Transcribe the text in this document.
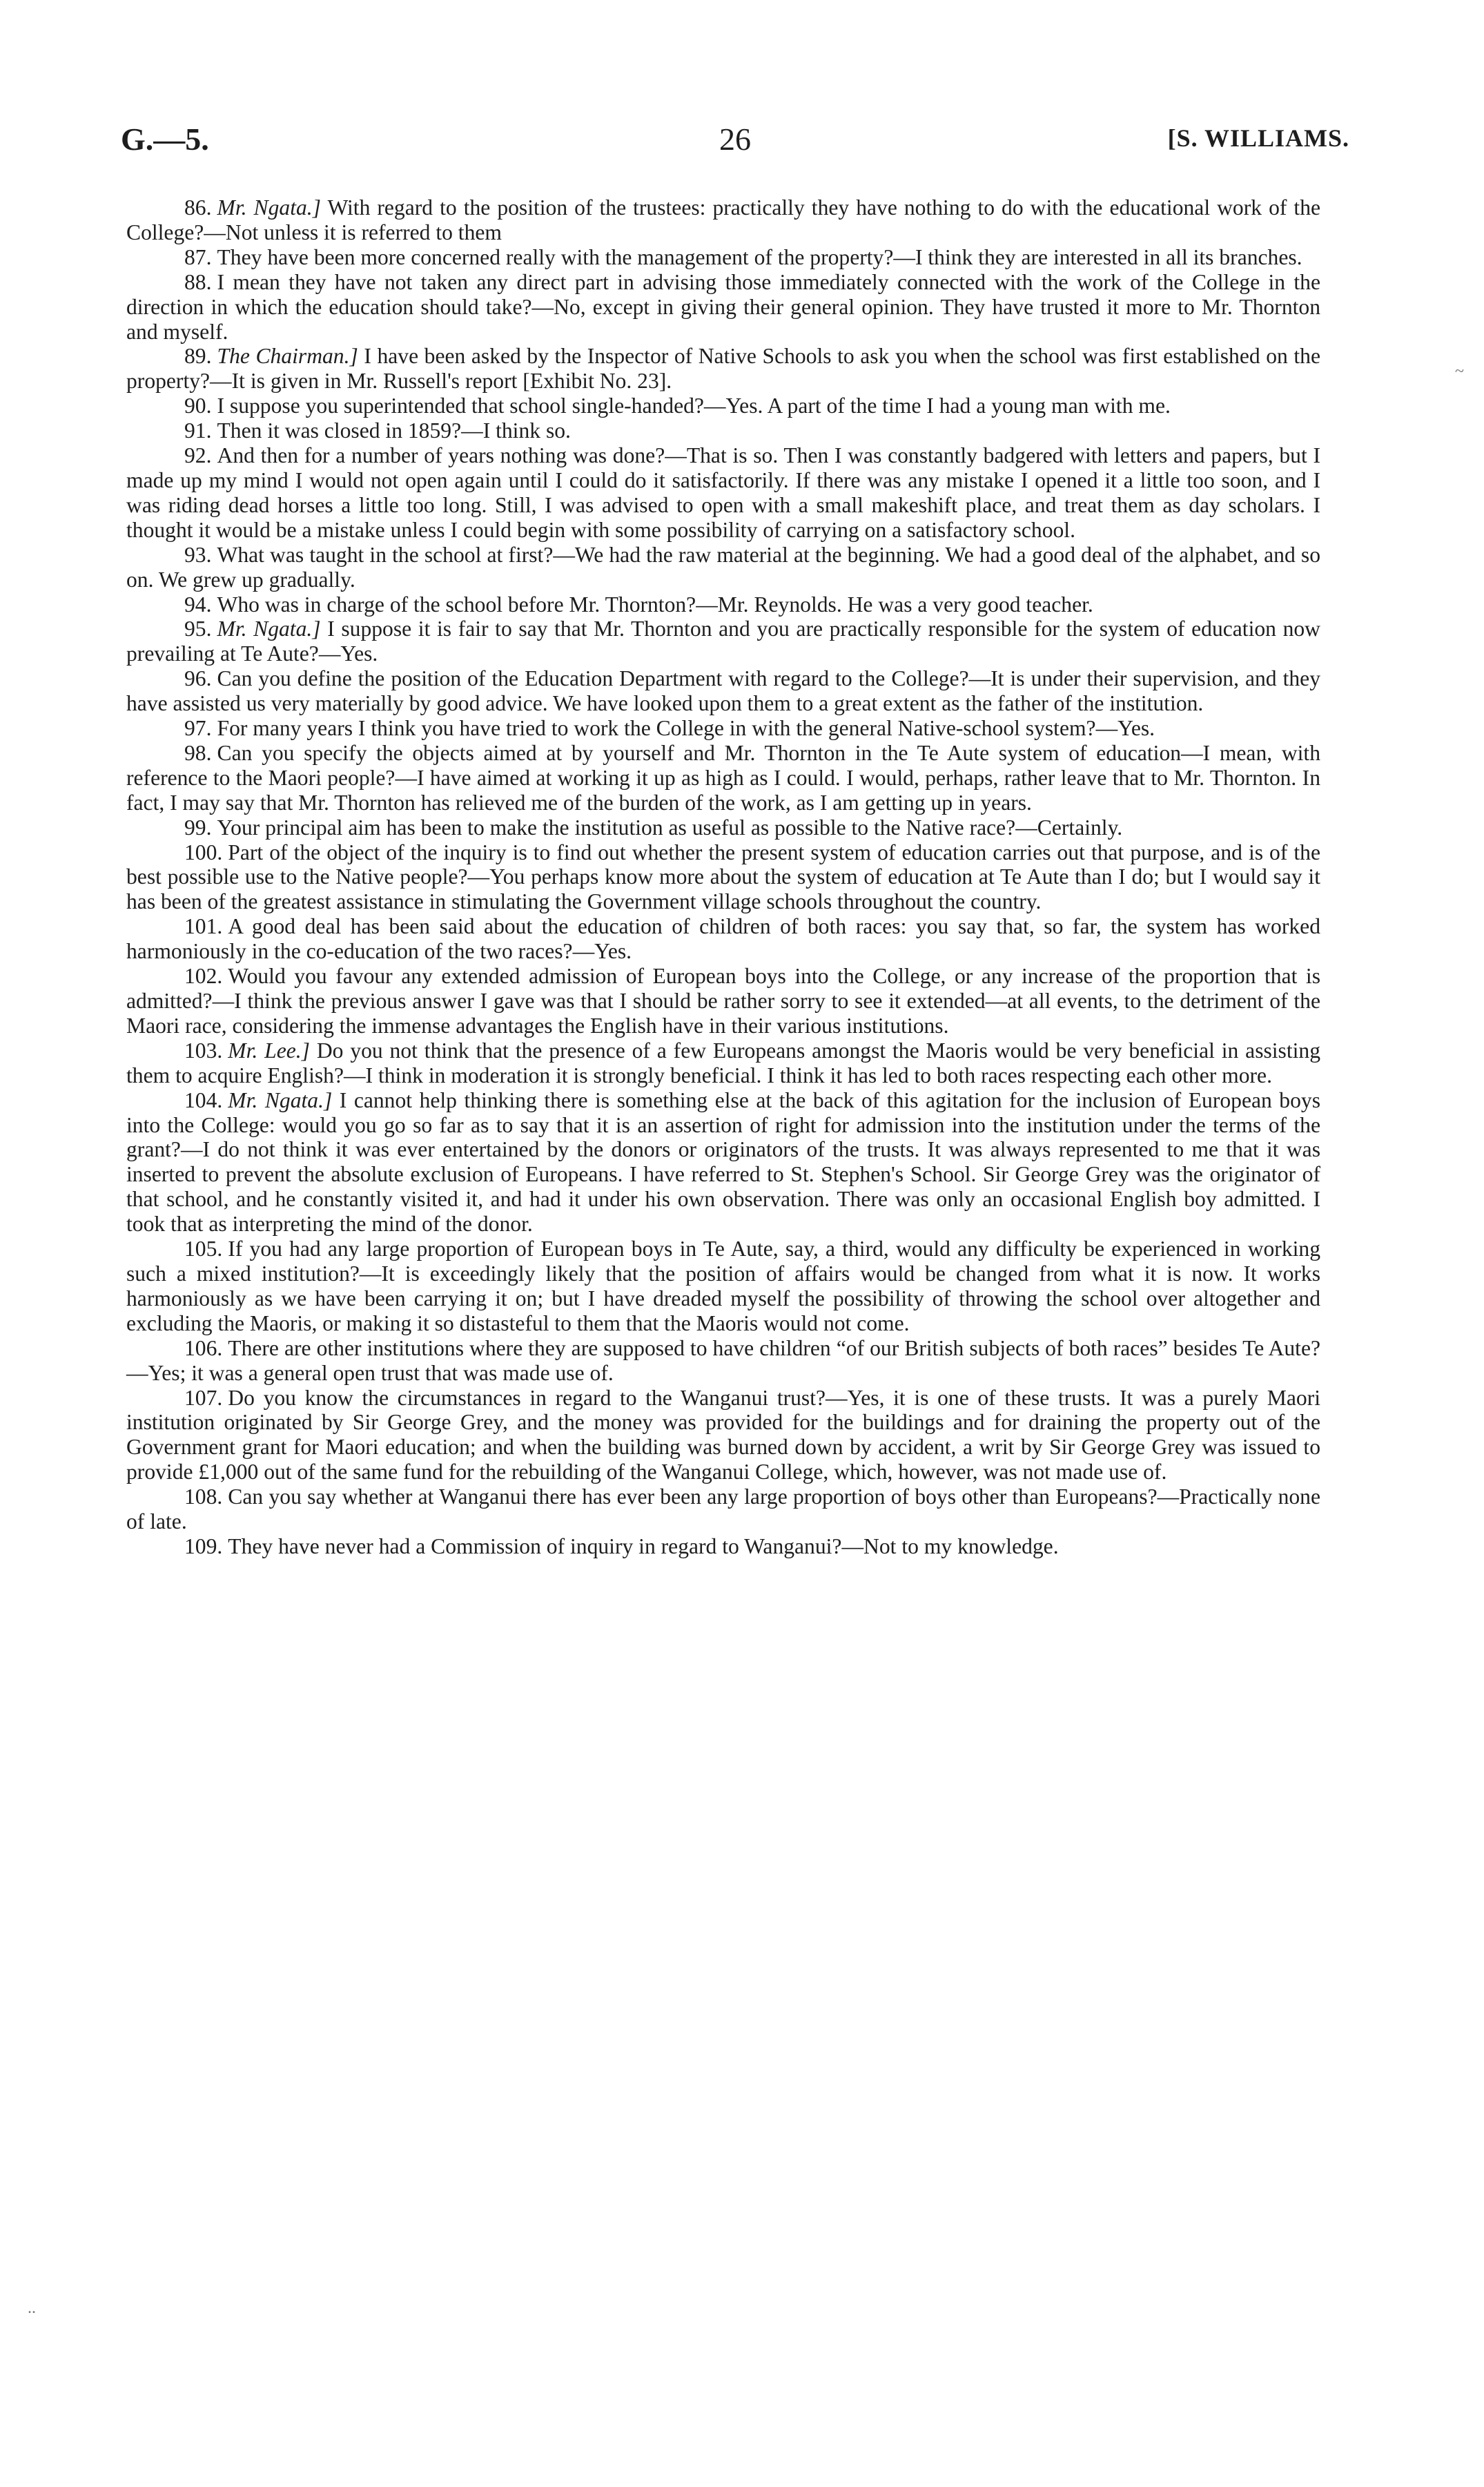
G.—5.	26	[S. WILLIAMS.

86. Mr. Ngata.] With regard to the position of the trustees: practically they have nothing to do with the educational work of the College?—Not unless it is referred to them

87. They have been more concerned really with the management of the property?—I think they are interested in all its branches.

88. I mean they have not taken any direct part in advising those immediately connected with the work of the College in the direction in which the education should take?—No, except in giving their general opinion. They have trusted it more to Mr. Thornton and myself.

89. The Chairman.] I have been asked by the Inspector of Native Schools to ask you when the school was first established on the property?—It is given in Mr. Russell's report [Exhibit No. 23].

90. I suppose you superintended that school single-handed?—Yes. A part of the time I had a young man with me.

91. Then it was closed in 1859?—I think so.

92. And then for a number of years nothing was done?—That is so. Then I was constantly badgered with letters and papers, but I made up my mind I would not open again until I could do it satisfactorily. If there was any mistake I opened it a little too soon, and I was riding dead horses a little too long. Still, I was advised to open with a small makeshift place, and treat them as day scholars. I thought it would be a mistake unless I could begin with some possibility of carrying on a satisfactory school.

93. What was taught in the school at first?—We had the raw material at the beginning. We had a good deal of the alphabet, and so on. We grew up gradually.

94. Who was in charge of the school before Mr. Thornton?—Mr. Reynolds. He was a very good teacher.

95. Mr. Ngata.] I suppose it is fair to say that Mr. Thornton and you are practically responsible for the system of education now prevailing at Te Aute?—Yes.

96. Can you define the position of the Education Department with regard to the College?—It is under their supervision, and they have assisted us very materially by good advice. We have looked upon them to a great extent as the father of the institution.

97. For many years I think you have tried to work the College in with the general Native-school system?—Yes.

98. Can you specify the objects aimed at by yourself and Mr. Thornton in the Te Aute system of education—I mean, with reference to the Maori people?—I have aimed at working it up as high as I could. I would, perhaps, rather leave that to Mr. Thornton. In fact, I may say that Mr. Thornton has relieved me of the burden of the work, as I am getting up in years.

99. Your principal aim has been to make the institution as useful as possible to the Native race?—Certainly.

100. Part of the object of the inquiry is to find out whether the present system of education carries out that purpose, and is of the best possible use to the Native people?—You perhaps know more about the system of education at Te Aute than I do; but I would say it has been of the greatest assistance in stimulating the Government village schools throughout the country.

101. A good deal has been said about the education of children of both races: you say that, so far, the system has worked harmoniously in the co-education of the two races?—Yes.

102. Would you favour any extended admission of European boys into the College, or any increase of the proportion that is admitted?—I think the previous answer I gave was that I should be rather sorry to see it extended—at all events, to the detriment of the Maori race, considering the immense advantages the English have in their various institutions.

103. Mr. Lee.] Do you not think that the presence of a few Europeans amongst the Maoris would be very beneficial in assisting them to acquire English?—I think in moderation it is strongly beneficial. I think it has led to both races respecting each other more.

104. Mr. Ngata.] I cannot help thinking there is something else at the back of this agitation for the inclusion of European boys into the College: would you go so far as to say that it is an assertion of right for admission into the institution under the terms of the grant?—I do not think it was ever entertained by the donors or originators of the trusts. It was always represented to me that it was inserted to prevent the absolute exclusion of Europeans. I have referred to St. Stephen's School. Sir George Grey was the originator of that school, and he constantly visited it, and had it under his own observation. There was only an occasional English boy admitted. I took that as interpreting the mind of the donor.

105. If you had any large proportion of European boys in Te Aute, say, a third, would any difficulty be experienced in working such a mixed institution?—It is exceedingly likely that the position of affairs would be changed from what it is now. It works harmoniously as we have been carrying it on; but I have dreaded myself the possibility of throwing the school over altogether and excluding the Maoris, or making it so distasteful to them that the Maoris would not come.

106. There are other institutions where they are supposed to have children “of our British subjects of both races” besides Te Aute?—Yes; it was a general open trust that was made use of.

107. Do you know the circumstances in regard to the Wanganui trust?—Yes, it is one of these trusts. It was a purely Maori institution originated by Sir George Grey, and the money was provided for the buildings and for draining the property out of the Government grant for Maori education; and when the building was burned down by accident, a writ by Sir George Grey was issued to provide £1,000 out of the same fund for the rebuilding of the Wanganui College, which, however, was not made use of.

108. Can you say whether at Wanganui there has ever been any large proportion of boys other than Europeans?—Practically none of late.

109. They have never had a Commission of inquiry in regard to Wanganui?—Not to my knowledge.

~
..
